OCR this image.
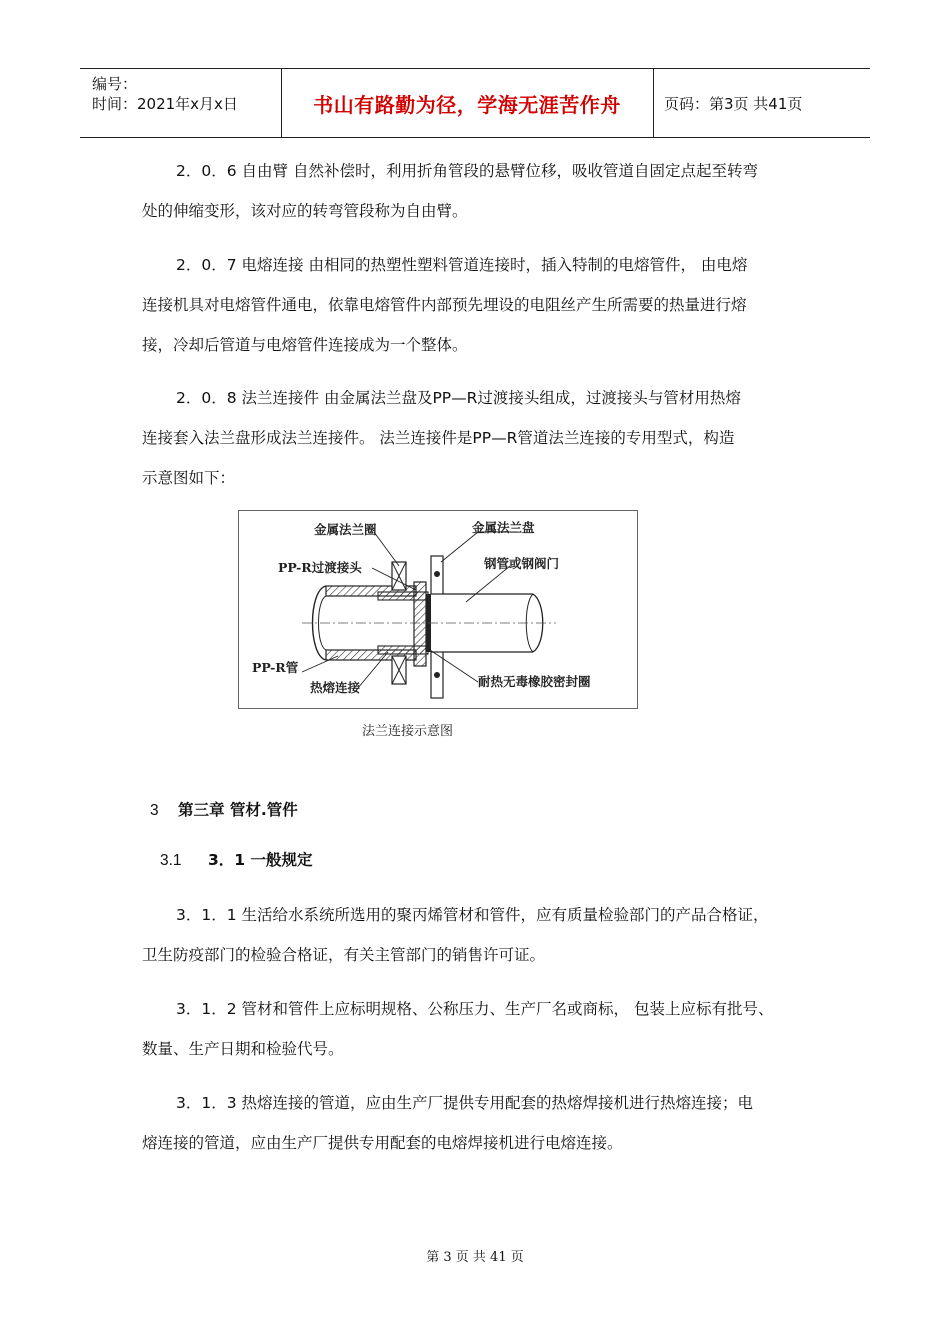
编号：
时间：2021年x月x日	书山有路勤为径，学海无涯苦作舟	页码：第3页 共41页
2．0．6 自由臂 自然补偿时，利用折角管段的悬臂位移，吸收管道自固定点起至转弯
处的伸缩变形，该对应的转弯管段称为自由臂。
2．0．7 电熔连接 由相同的热塑性塑料管道连接时，插入特制的电熔管件， 由电熔
连接机具对电熔管件通电，依靠电熔管件内部预先埋设的电阻丝产生所需要的热量进行熔
接，冷却后管道与电熔管件连接成为一个整体。
2．0．8 法兰连接件 由金属法兰盘及PP—R过渡接头组成，过渡接头与管材用热熔
连接套入法兰盘形成法兰连接件。 法兰连接件是PP—R管道法兰连接的专用型式，构造
示意图如下：
金属法兰圈	金属法兰盘
PP-R过渡接头	钢管或钢阀门
PP-R管
热熔连接	耐热无毒橡胶密封圈
法兰连接示意图
3 第三章 管材.管件
3.1 3．1 一般规定
3．1．1 生活给水系统所选用的聚丙烯管材和管件，应有质量检验部门的产品合格证，
卫生防疫部门的检验合格证，有关主管部门的销售许可证。
3．1．2 管材和管件上应标明规格、公称压力、生产厂名或商标， 包装上应标有批号、
数量、生产日期和检验代号。
3．1．3 热熔连接的管道，应由生产厂提供专用配套的热熔焊接机进行热熔连接；电
熔连接的管道，应由生产厂提供专用配套的电熔焊接机进行电熔连接。
第 3 页 共 41 页
